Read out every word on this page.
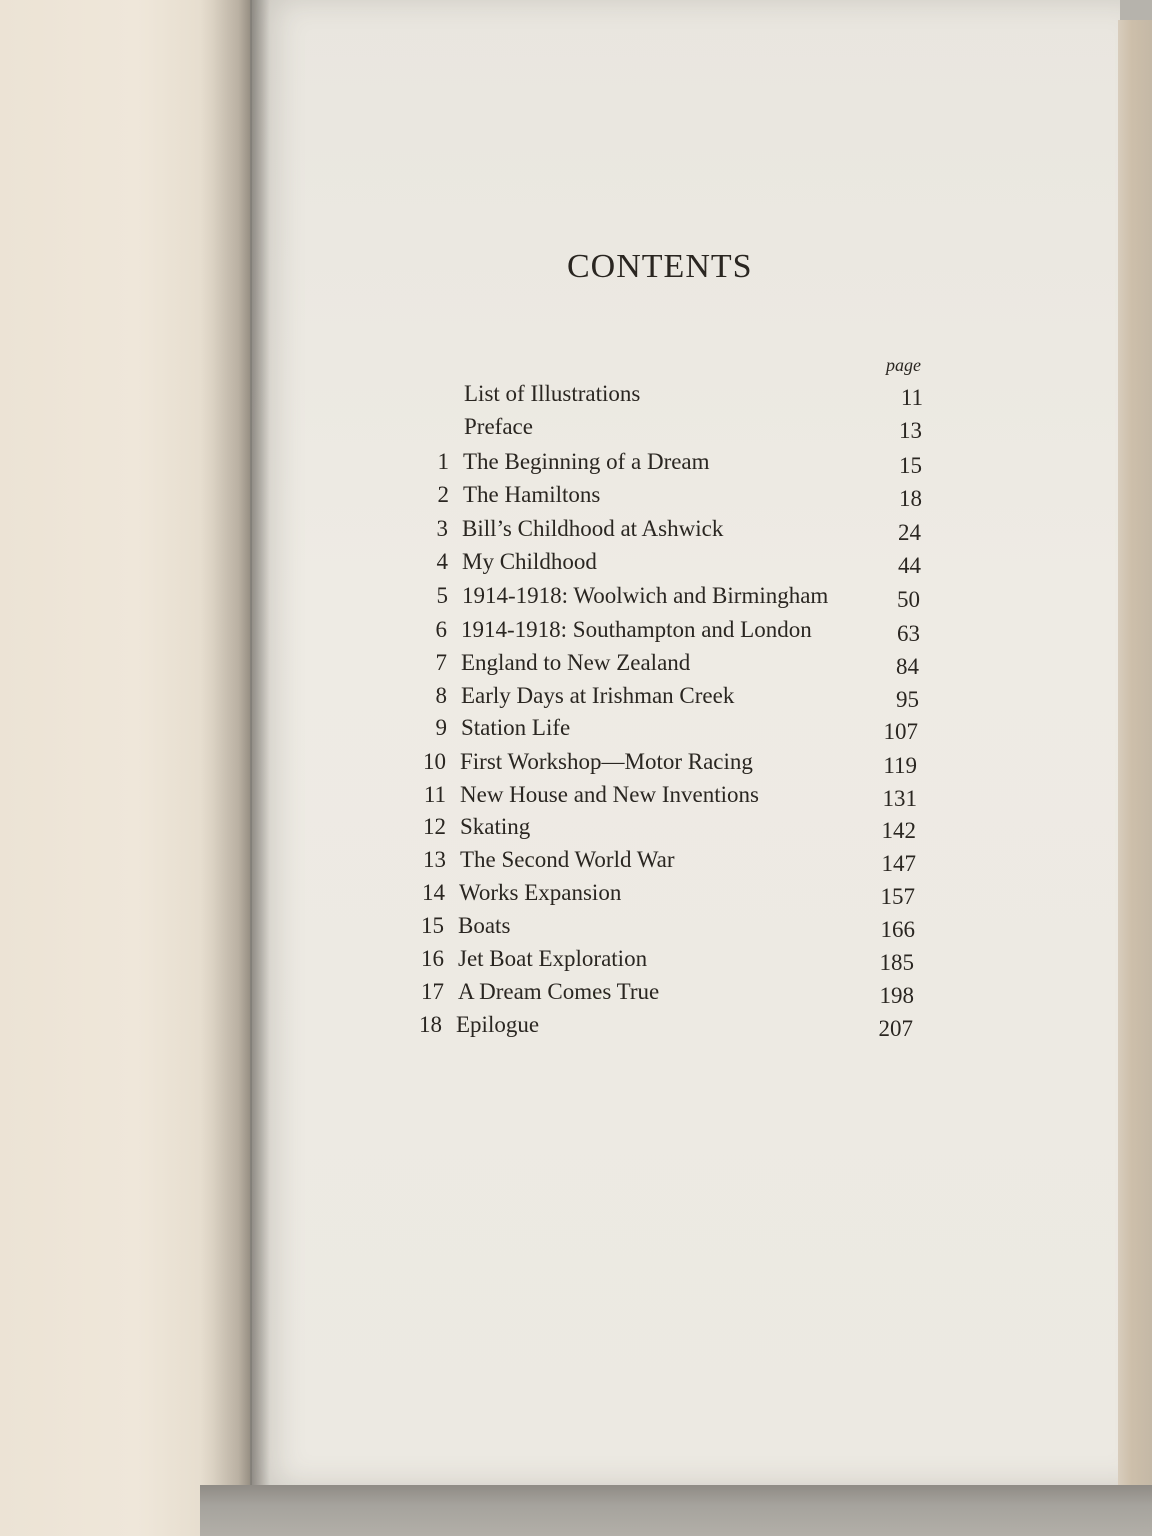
CONTENTS
page
List of Illustrations	11
Preface	13
1 The Beginning of a Dream	15
2 The Hamiltons	18
3 Bill’s Childhood at Ashwick	24
4 My Childhood	44
5 1914-1918: Woolwich and Birmingham	50
6 1914-1918: Southampton and London	63
7 England to New Zealand	84
8 Early Days at Irishman Creek	95
9 Station Life	107
10 First Workshop—Motor Racing	119
11 New House and New Inventions	131
12 Skating	142
13 The Second World War	147
14 Works Expansion	157
15 Boats	166
16 Jet Boat Exploration	185
17 A Dream Comes True	198
18 Epilogue	207
